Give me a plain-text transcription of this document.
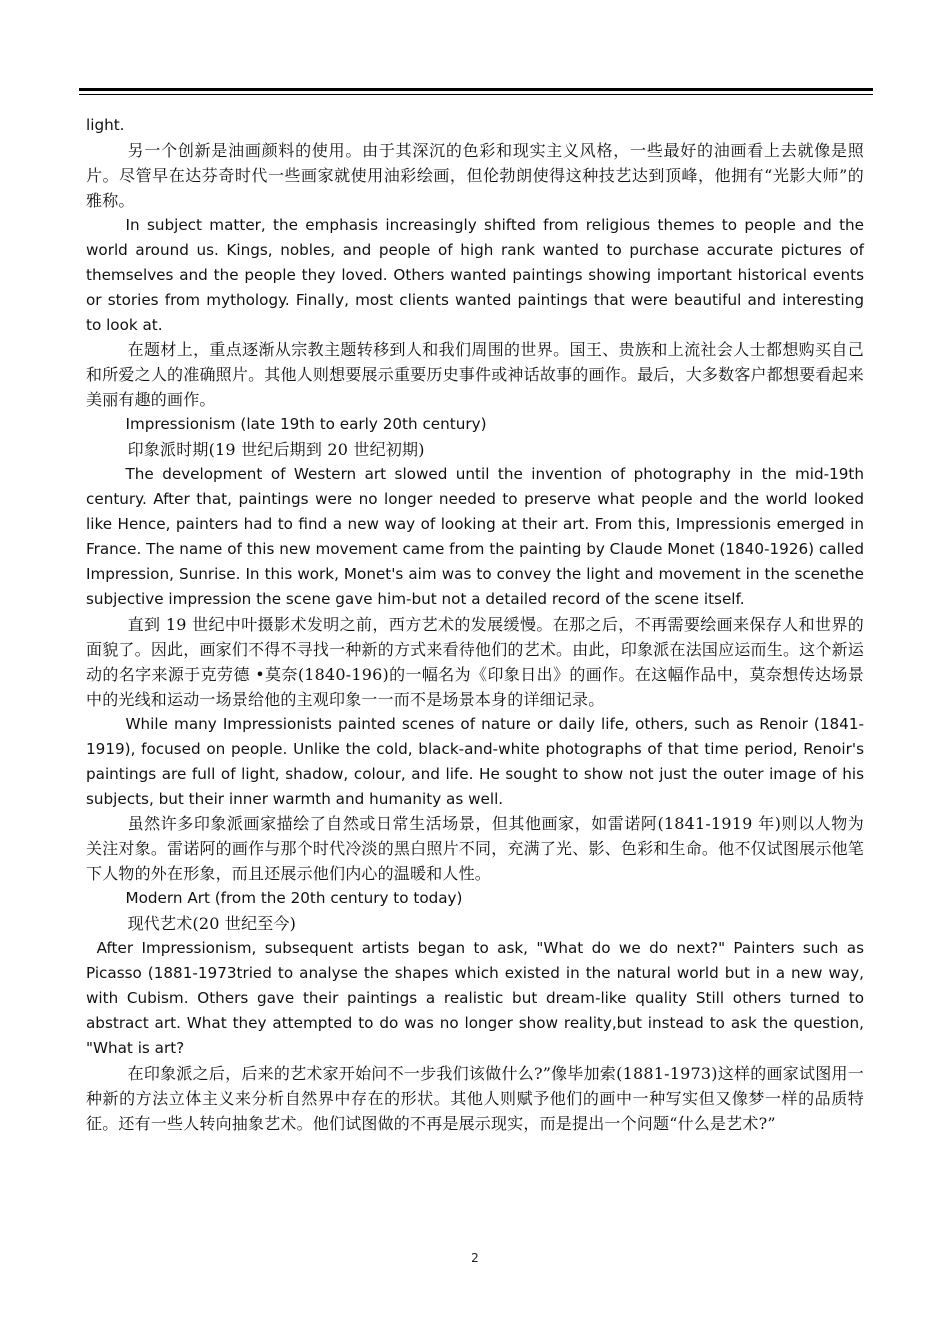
light.

另一个创新是油画颜料的使用。由于其深沉的色彩和现实主义风格，一些最好的油画看上去就像是照片。尽管早在达芬奇时代一些画家就使用油彩绘画，但伦勃朗使得这种技艺达到顶峰，他拥有“光影大师”的雅称。

In subject matter, the emphasis increasingly shifted from religious themes to people and the world around us. Kings, nobles, and people of high rank wanted to purchase accurate pictures of themselves and the people they loved. Others wanted paintings showing important historical events or stories from mythology. Finally, most clients wanted paintings that were beautiful and interesting to look at.

在题材上，重点逐渐从宗教主题转移到人和我们周围的世界。国王、贵族和上流社会人士都想购买自己和所爱之人的准确照片。其他人则想要展示重要历史事件或神话故事的画作。最后，大多数客户都想要看起来美丽有趣的画作。

Impressionism (late 19th to early 20th century)

印象派时期(19 世纪后期到 20 世纪初期)

The development of Western art slowed until the invention of photography in the mid-19th century. After that, paintings were no longer needed to preserve what people and the world looked like Hence, painters had to find a new way of looking at their art. From this, Impressionis emerged in France. The name of this new movement came from the painting by Claude Monet (1840-1926) called Impression, Sunrise. In this work, Monet's aim was to convey the light and movement in the scenethe subjective impression the scene gave him-but not a detailed record of the scene itself.

直到 19 世纪中叶摄影术发明之前，西方艺术的发展缓慢。在那之后，不再需要绘画来保存人和世界的面貌了。因此，画家们不得不寻找一种新的方式来看待他们的艺术。由此，印象派在法国应运而生。这个新运动的名字来源于克劳德 •莫奈(1840-196)的一幅名为《印象日出》的画作。在这幅作品中，莫奈想传达场景中的光线和运动一场景给他的主观印象一一而不是场景本身的详细记录。

While many Impressionists painted scenes of nature or daily life, others, such as Renoir (1841-1919), focused on people. Unlike the cold, black-and-white photographs of that time period, Renoir's paintings are full of light, shadow, colour, and life. He sought to show not just the outer image of his subjects, but their inner warmth and humanity as well.

虽然许多印象派画家描绘了自然或日常生活场景，但其他画家，如雷诺阿(1841-1919 年)则以人物为关注对象。雷诺阿的画作与那个时代冷淡的黑白照片不同，充满了光、影、色彩和生命。他不仅试图展示他笔下人物的外在形象，而且还展示他们内心的温暖和人性。

Modern Art (from the 20th century to today)

现代艺术(20 世纪至今)

After Impressionism, subsequent artists began to ask, "What do we do next?" Painters such as Picasso (1881-1973tried to analyse the shapes which existed in the natural world but in a new way, with Cubism. Others gave their paintings a realistic but dream-like quality Still others turned to abstract art. What they attempted to do was no longer show reality,but instead to ask the question, "What is art?

在印象派之后，后来的艺术家开始问不一步我们该做什么?”像毕加索(1881-1973)这样的画家试图用一种新的方法立体主义来分析自然界中存在的形状。其他人则赋予他们的画中一种写实但又像梦一样的品质特征。还有一些人转向抽象艺术。他们试图做的不再是展示现实，而是提出一个问题“什么是艺术?”

2
